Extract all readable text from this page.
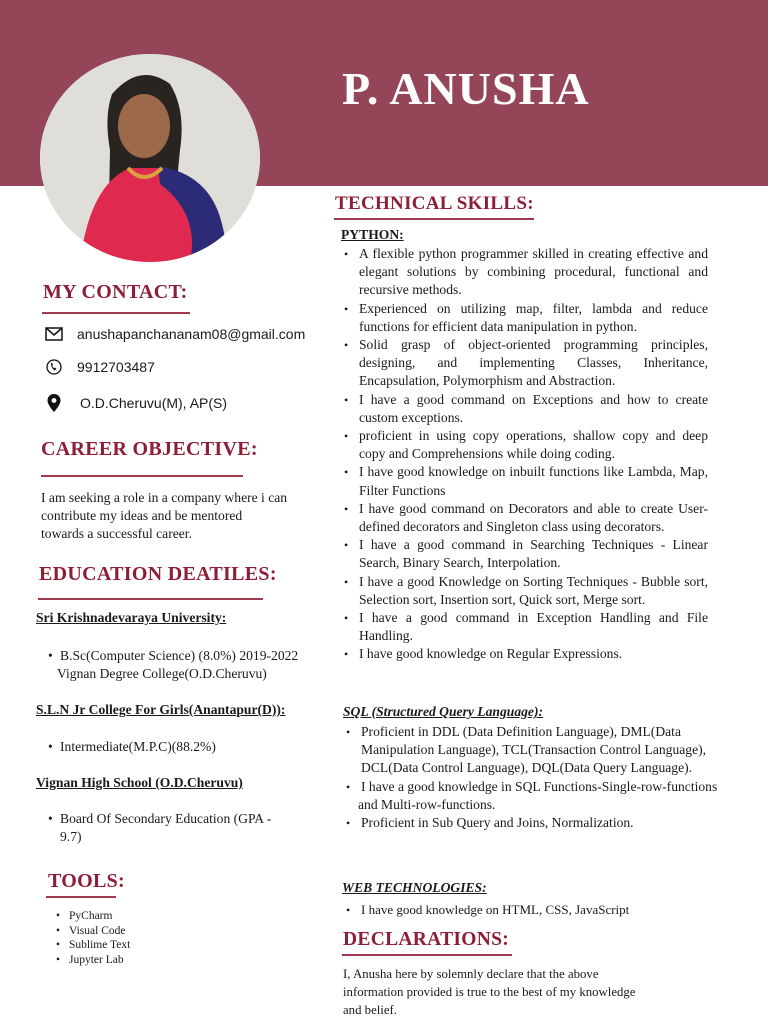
P. ANUSHA
MY CONTACT:
anushapanchananam08@gmail.com
9912703487
O.D.Cheruvu(M), AP(S)
CAREER OBJECTIVE:
I am seeking a role in a company where i can
contribute my ideas and be mentored
towards a successful career.
EDUCATION DEATILES:
Sri Krishnadevaraya University:
• B.Sc(Computer Science) (8.0%) 2019-2022
Vignan Degree College(O.D.Cheruvu)
S.L.N Jr College For Girls(Anantapur(D)):
• Intermediate(M.P.C)(88.2%)
Vignan High School (O.D.Cheruvu)
• Board Of Secondary Education (GPA -
9.7)
TOOLS:
• PyCharm
• Visual Code
• Sublime Text
• Jupyter Lab
TECHNICAL SKILLS:
PYTHON:
• A flexible python programmer skilled in creating effective and elegant solutions by combining procedural, functional and recursive methods.
• Experienced on utilizing map, filter, lambda and reduce functions for efficient data manipulation in python.
• Solid grasp of object-oriented programming principles, designing, and implementing Classes, Inheritance, Encapsulation, Polymorphism and Abstraction.
• I have a good command on Exceptions and how to create custom exceptions.
• proficient in using copy operations, shallow copy and deep copy and Comprehensions while doing coding.
• I have good knowledge on inbuilt functions like Lambda, Map, Filter Functions
• I have good command on Decorators and able to create User-defined decorators and Singleton class using decorators.
• I have a good command in Searching Techniques - Linear Search, Binary Search, Interpolation.
• I have a good Knowledge on Sorting Techniques - Bubble sort, Selection sort, Insertion sort, Quick sort, Merge sort.
• I have a good command in Exception Handling and File Handling.
• I have good knowledge on Regular Expressions.
SQL (Structured Query Language):
• Proficient in DDL (Data Definition Language), DML(Data Manipulation Language), TCL(Transaction Control Language), DCL(Data Control Language), DQL(Data Query Language).
• I have a good knowledge in SQL Functions-Single-row-functions
and Multi-row-functions.
• Proficient in Sub Query and Joins, Normalization.
WEB TECHNOLOGIES:
• I have good knowledge on HTML, CSS, JavaScript
DECLARATIONS:
I, Anusha here by solemnly declare that the above
information provided is true to the best of my knowledge
and belief.
